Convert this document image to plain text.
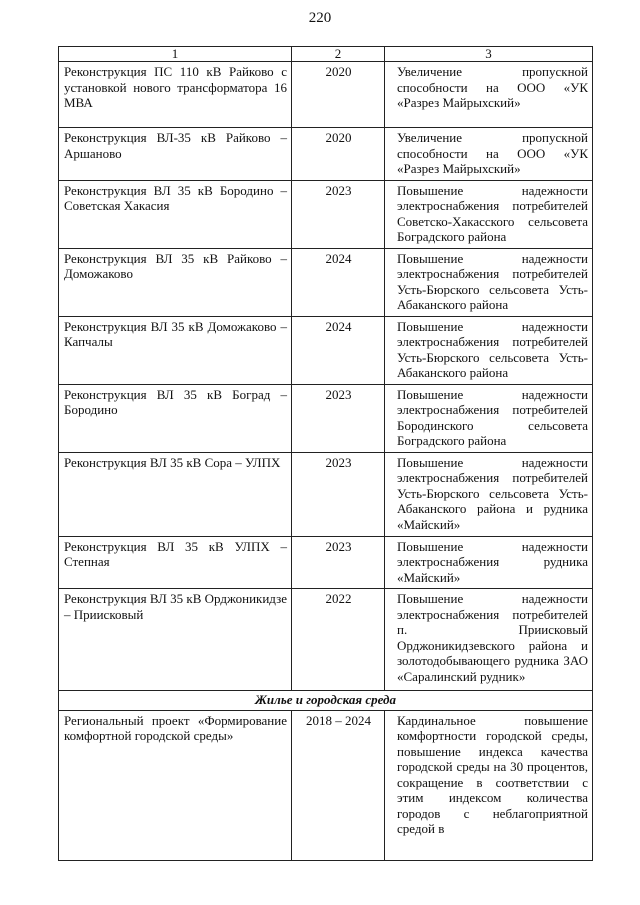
220
1	2	3
Реконструкция ПС 110 кВ Райково с установкой нового трансформатора 16 МВА	2020	Увеличение пропускной способности на ООО «УК «Разрез Майрыхский»
Реконструкция ВЛ-35 кВ Райково – Аршаново	2020	Увеличение пропускной способности на ООО «УК «Разрез Майрыхский»
Реконструкция ВЛ 35 кВ Бородино – Советская Хакасия	2023	Повышение надежности электроснабжения потребителей Советско-Хакасского сельсовета Боградского района
Реконструкция ВЛ 35 кВ Райково – Доможаково	2024	Повышение надежности электроснабжения потребителей Усть-Бюрского сельсовета Усть-Абаканского района
Реконструкция ВЛ 35 кВ Доможаково – Капчалы	2024	Повышение надежности электроснабжения потребителей Усть-Бюрского сельсовета Усть-Абаканского района
Реконструкция ВЛ 35 кВ Боград – Бородино	2023	Повышение надежности электроснабжения потребителей Бородинского сельсовета Боградского района
Реконструкция ВЛ 35 кВ Сора – УЛПХ	2023	Повышение надежности электроснабжения потребителей Усть-Бюрского сельсовета Усть-Абаканского района и рудника «Майский»
Реконструкция ВЛ 35 кВ УЛПХ – Степная	2023	Повышение надежности электроснабжения рудника «Майский»
Реконструкция ВЛ 35 кВ Орджоникидзе – Приисковый	2022	Повышение надежности электроснабжения потребителей п. Приисковый Орджоникидзевского района и золотодобывающего рудника ЗАО «Саралинский рудник»
Жилье и городская среда		
Региональный проект «Формирование комфортной городской среды»	2018 – 2024	Кардинальное повышение комфортности городской среды, повышение индекса качества городской среды на 30 процентов, сокращение в соответствии с этим индексом количества городов с неблагоприятной средой в
